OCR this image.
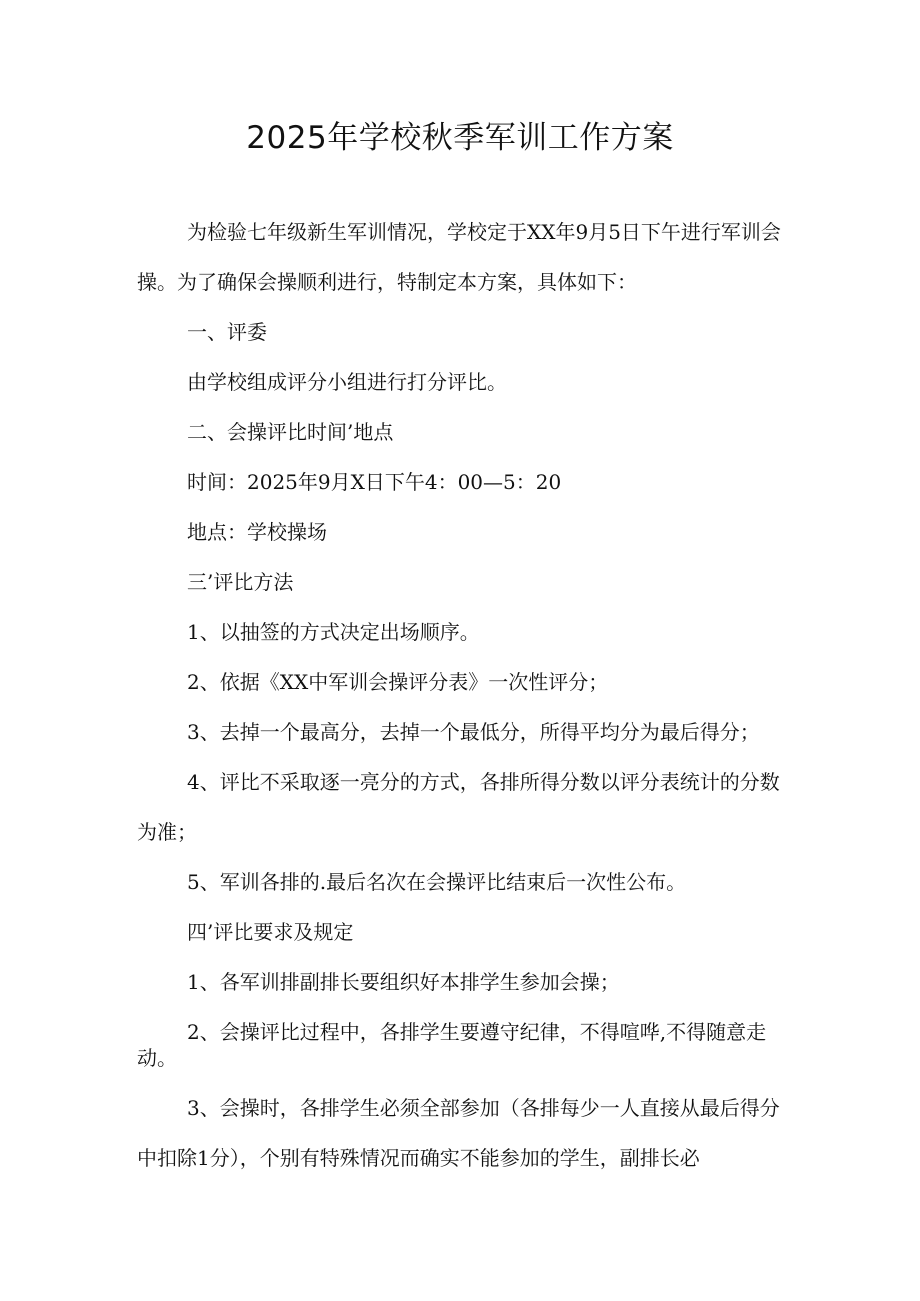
2025年学校秋季军训工作方案

为检验七年级新生军训情况，学校定于XX年9月5日下午进行军训会操。为了确保会操顺利进行，特制定本方案，具体如下：

一、评委

由学校组成评分小组进行打分评比。

二、会操评比时间’地点

时间：2025年9月X日下午4：00—5：20

地点：学校操场

三’评比方法

1、以抽签的方式决定出场顺序。

2、依据《XX中军训会操评分表》一次性评分；

3、去掉一个最高分，去掉一个最低分，所得平均分为最后得分；

4、评比不采取逐一亮分的方式，各排所得分数以评分表统计的分数为准；

5、军训各排的.最后名次在会操评比结束后一次性公布。

四’评比要求及规定

1、各军训排副排长要组织好本排学生参加会操；

2、会操评比过程中，各排学生要遵守纪律，不得喧哗,不得随意走动。

3、会操时，各排学生必须全部参加（各排每少一人直接从最后得分中扣除1分），个别有特殊情况而确实不能参加的学生，副排长必
